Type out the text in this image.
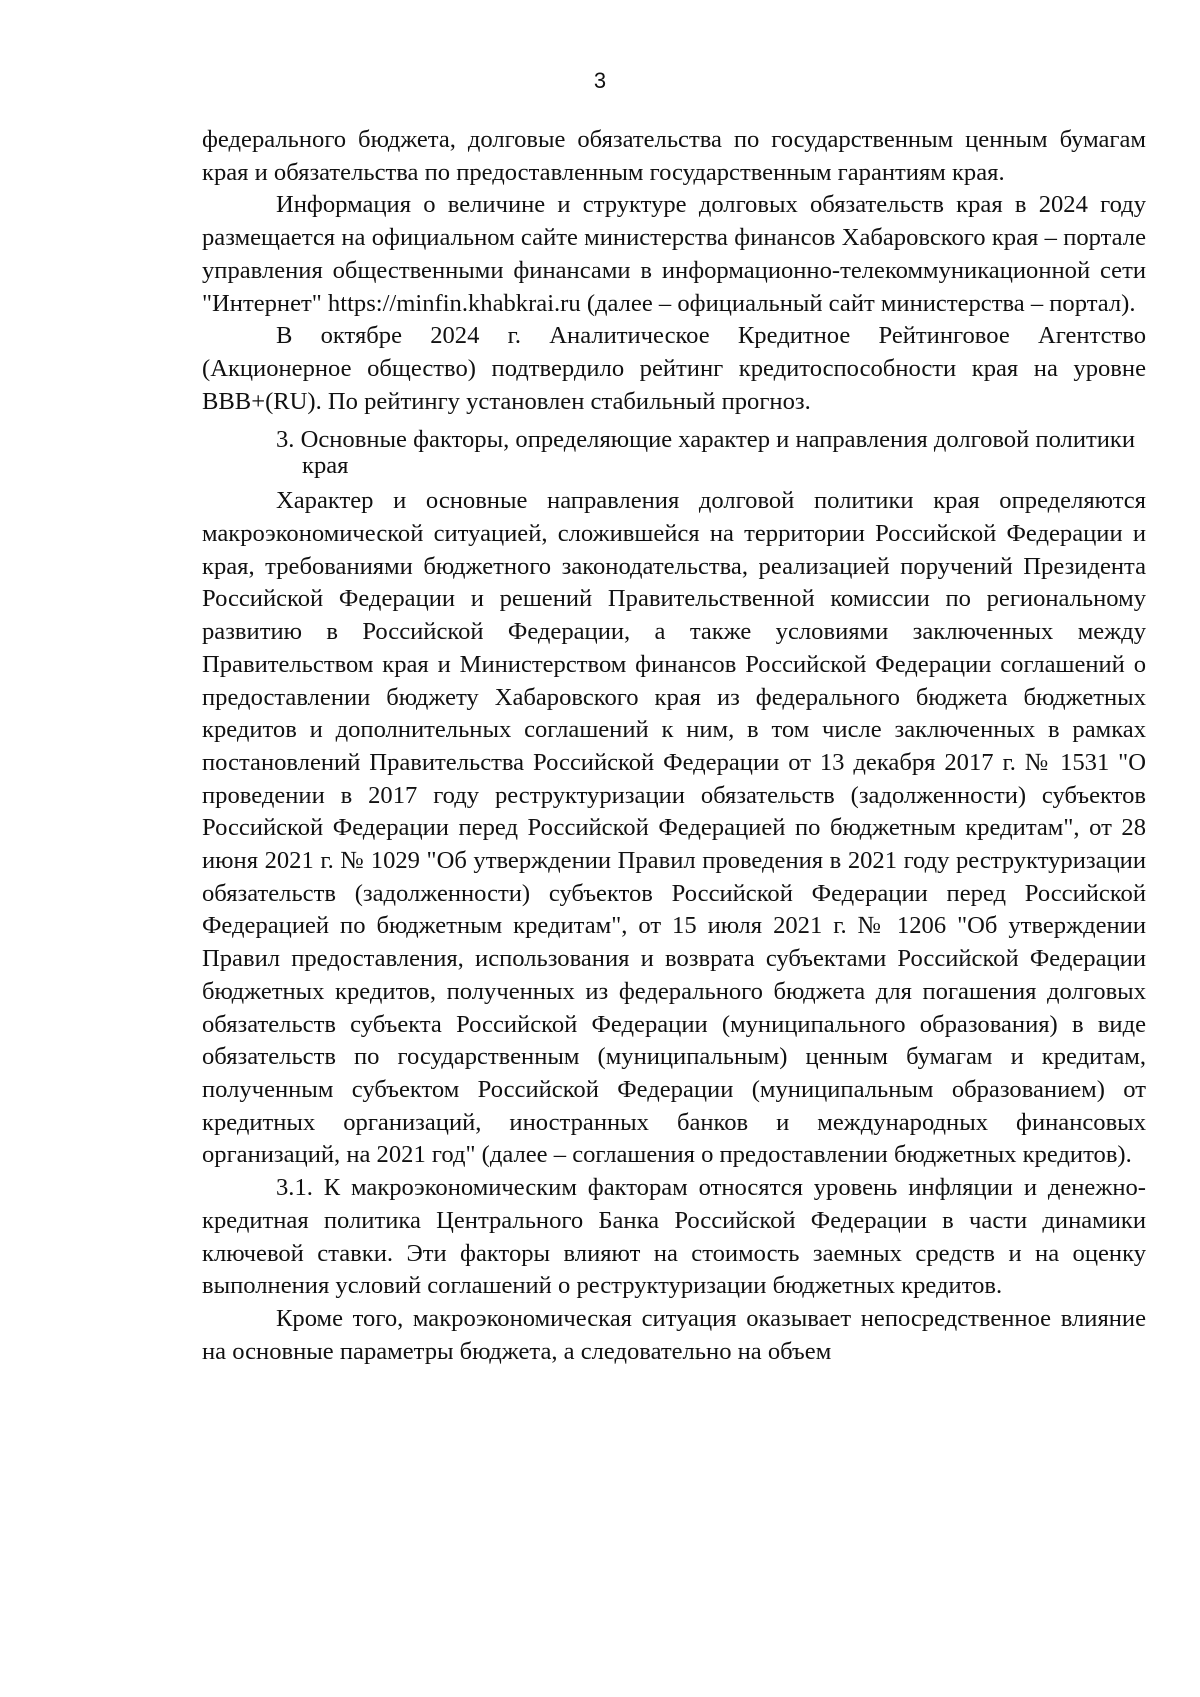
3

федерального бюджета, долговые обязательства по государственным ценным бумагам края и обязательства по предоставленным государственным гарантиям края.

Информация о величине и структуре долговых обязательств края в 2024 году размещается на официальном сайте министерства финансов Хабаровского края – портале управления общественными финансами в информационно-телекоммуникационной сети "Интернет" https://minfin.khabkrai.ru (далее – официальный сайт министерства – портал).

В октябре 2024 г. Аналитическое Кредитное Рейтинговое Агентство (Акционерное общество) подтвердило рейтинг кредитоспособности края на уровне BBB+(RU). По рейтингу установлен стабильный прогноз.

3. Основные факторы, определяющие характер и направления долговой политики края

Характер и основные направления долговой политики края определяются макроэкономической ситуацией, сложившейся на территории Российской Федерации и края, требованиями бюджетного законодательства, реализацией поручений Президента Российской Федерации и решений Правительственной комиссии по региональному развитию в Российской Федерации, а также условиями заключенных между Правительством края и Министерством финансов Российской Федерации соглашений о предоставлении бюджету Хабаровского края из федерального бюджета бюджетных кредитов и дополнительных соглашений к ним, в том числе заключенных в рамках постановлений Правительства Российской Федерации от 13 декабря 2017 г. № 1531 "О проведении в 2017 году реструктуризации обязательств (задолженности) субъектов Российской Федерации перед Российской Федерацией по бюджетным кредитам", от 28 июня 2021 г. № 1029 "Об утверждении Правил проведения в 2021 году реструктуризации обязательств (задолженности) субъектов Российской Федерации перед Российской Федерацией по бюджетным кредитам", от 15 июля 2021 г. № 1206 "Об утверждении Правил предоставления, использования и возврата субъектами Российской Федерации бюджетных кредитов, полученных из федерального бюджета для погашения долговых обязательств субъекта Российской Федерации (муниципального образования) в виде обязательств по государственным (муниципальным) ценным бумагам и кредитам, полученным субъектом Российской Федерации (муниципальным образованием) от кредитных организаций, иностранных банков и международных финансовых организаций, на 2021 год" (далее – соглашения о предоставлении бюджетных кредитов).

3.1. К макроэкономическим факторам относятся уровень инфляции и денежно-кредитная политика Центрального Банка Российской Федерации в части динамики ключевой ставки. Эти факторы влияют на стоимость заемных средств и на оценку выполнения условий соглашений о реструктуризации бюджетных кредитов.

Кроме того, макроэкономическая ситуация оказывает непосредственное влияние на основные параметры бюджета, а следовательно на объем
